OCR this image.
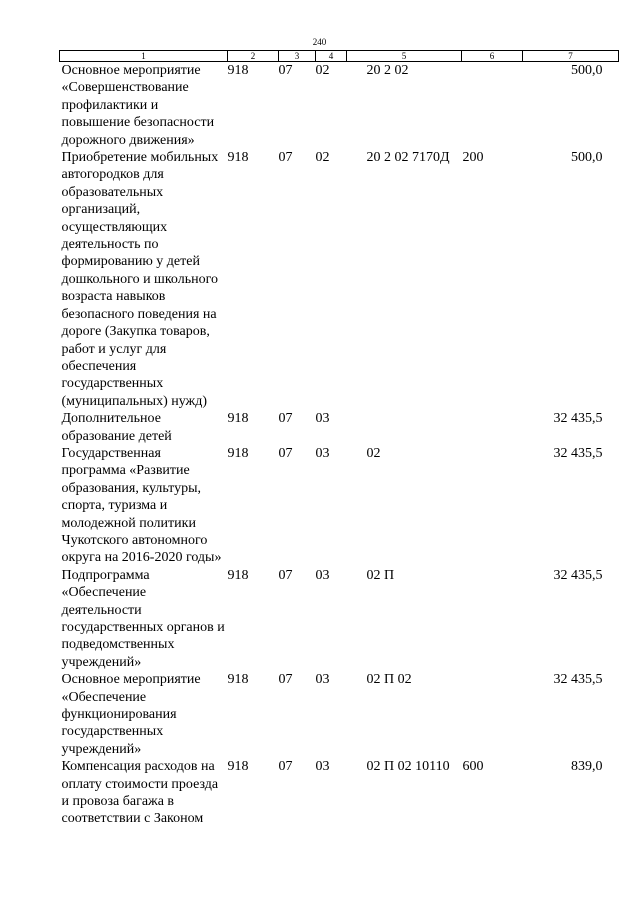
240
1	2	3	4	5	6	7
Основное мероприятие «Совершенствование профилактики и повышение безопасности дорожного движения»	918	07	02	20 2 02		500,0
Приобретение мобильных автогородков для образовательных организаций, осуществляющих деятельность по формированию у детей дошкольного и школьного возраста навыков безопасного поведения на дороге (Закупка товаров, работ и услуг для обеспечения государственных (муниципальных) нужд)	918	07	02	20 2 02 7170Д	200	500,0
Дополнительное образование детей	918	07	03			32 435,5
Государственная программа «Развитие образования, культуры, спорта, туризма и молодежной политики Чукотского автономного округа на 2016-2020 годы»	918	07	03	02		32 435,5
Подпрограмма «Обеспечение деятельности государственных органов и подведомственных учреждений»	918	07	03	02 П		32 435,5
Основное мероприятие «Обеспечение функционирования государственных учреждений»	918	07	03	02 П 02		32 435,5
Компенсация расходов на оплату стоимости проезда и провоза багажа в соответствии с Законом	918	07	03	02 П 02 10110	600	839,0
